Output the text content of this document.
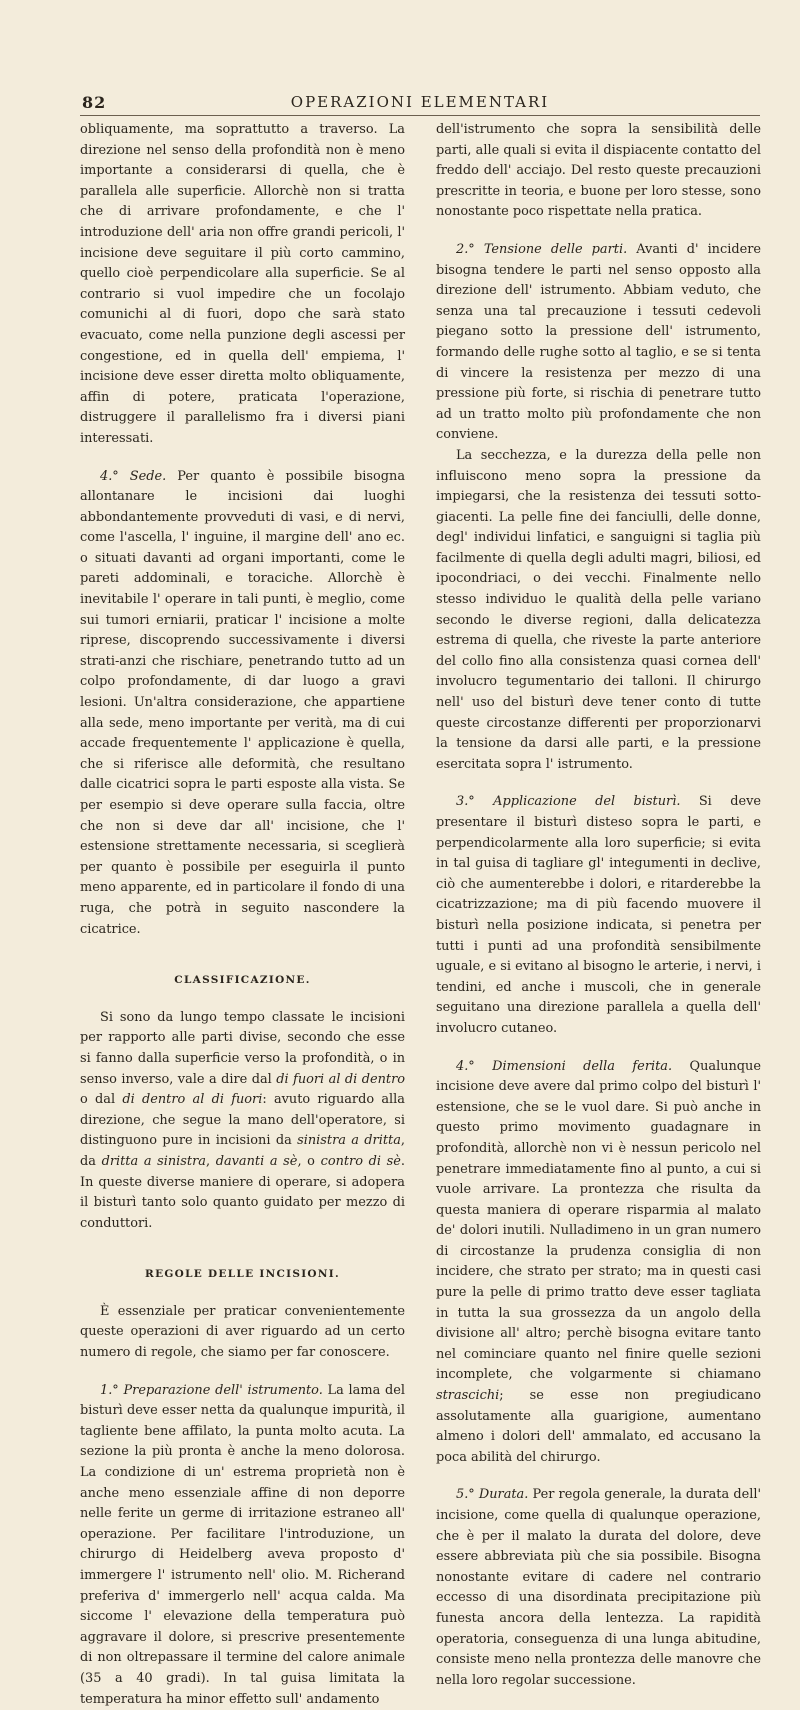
82	OPERAZIONI ELEMENTARI

obliquamente, ma soprattutto a traverso. La direzione nel senso della profondità non è meno importante a considerarsi di quella, che è parallela alle superficie. Allorchè non si tratta che di arrivare profondamente, e che l' introduzione dell' aria non offre grandi pericoli, l' incisione deve seguitare il più corto cammino, quello cioè perpendicolare alla superficie. Se al contrario si vuol impedire che un focolajo comunichi al di fuori, dopo che sarà stato evacuato, come nella punzione degli ascessi per congestione, ed in quella dell' empiema, l' incisione deve esser diretta molto obliquamente, affin di potere, praticata l'operazione, distruggere il parallelismo fra i diversi piani interessati.

4.° Sede. Per quanto è possibile bisogna allontanare le incisioni dai luoghi abbondantemente provveduti di vasi, e di nervi, come l'ascella, l' inguine, il margine dell' ano ec. o situati davanti ad organi importanti, come le pareti addominali, e toraciche. Allorchè è inevitabile l' operare in tali punti, è meglio, come sui tumori erniarii, praticar l' incisione a molte riprese, discoprendo successivamente i diversi strati-anzi che rischiare, penetrando tutto ad un colpo profondamente, di dar luogo a gravi lesioni. Un'altra considerazione, che appartiene alla sede, meno importante per verità, ma di cui accade frequentemente l' applicazione è quella, che si riferisce alle deformità, che resultano dalle cicatrici sopra le parti esposte alla vista. Se per esempio si deve operare sulla faccia, oltre che non si deve dar all' incisione, che l' estensione strettamente necessaria, si sceglierà per quanto è possibile per eseguirla il punto meno apparente, ed in particolare il fondo di una ruga, che potrà in seguito nascondere la cicatrice.

CLASSIFICAZIONE.

Si sono da lungo tempo classate le incisioni per rapporto alle parti divise, secondo che esse si fanno dalla superficie verso la profondità, o in senso inverso, vale a dire dal di fuori al di dentro o dal di dentro al di fuori: avuto riguardo alla direzione, che segue la mano dell'operatore, si distinguono pure in incisioni da sinistra a dritta, da dritta a sinistra, davanti a sè, o contro di sè. In queste diverse maniere di operare, si adopera il bisturì tanto solo quanto guidato per mezzo di conduttori.

REGOLE DELLE INCISIONI.

È essenziale per praticar convenientemente queste operazioni di aver riguardo ad un certo numero di regole, che siamo per far conoscere.

1.° Preparazione dell' istrumento. La lama del bisturì deve esser netta da qualunque impurità, il tagliente bene affilato, la punta molto acuta. La sezione la più pronta è anche la meno dolorosa. La condizione di un' estrema proprietà non è anche meno essenziale affine di non deporre nelle ferite un germe di irritazione estraneo all' operazione. Per facilitare l'introduzione, un chirurgo di Heidelberg aveva proposto d' immergere l' istrumento nell' olio. M. Richerand preferiva d' immergerlo nell' acqua calda. Ma siccome l' elevazione della temperatura può aggravare il dolore, si prescrive presentemente di non oltrepassare il termine del calore animale (35 a 40 gradi). In tal guisa limitata la temperatura ha minor effetto sull' andamento

dell'istrumento che sopra la sensibilità delle parti, alle quali si evita il dispiacente contatto del freddo dell' acciajo. Del resto queste precauzioni prescritte in teoria, e buone per loro stesse, sono nonostante poco rispettate nella pratica.

2.° Tensione delle parti. Avanti d' incidere bisogna tendere le parti nel senso opposto alla direzione dell' istrumento. Abbiam veduto, che senza una tal precauzione i tessuti cedevoli piegano sotto la pressione dell' istrumento, formando delle rughe sotto al taglio, e se si tenta di vincere la resistenza per mezzo di una pressione più forte, si rischia di penetrare tutto ad un tratto molto più profondamente che non conviene.

La secchezza, e la durezza della pelle non influiscono meno sopra la pressione da impiegarsi, che la resistenza dei tessuti sotto-giacenti. La pelle fine dei fanciulli, delle donne, degl' individui linfatici, e sanguigni si taglia più facilmente di quella degli adulti magri, biliosi, ed ipocondriaci, o dei vecchi. Finalmente nello stesso individuo le qualità della pelle variano secondo le diverse regioni, dalla delicatezza estrema di quella, che riveste la parte anteriore del collo fino alla consistenza quasi cornea dell' involucro tegumentario dei talloni. Il chirurgo nell' uso del bisturì deve tener conto di tutte queste circostanze differenti per proporzionarvi la tensione da darsi alle parti, e la pressione esercitata sopra l' istrumento.

3.° Applicazione del bisturì. Si deve presentare il bisturì disteso sopra le parti, e perpendicolarmente alla loro superficie; si evita in tal guisa di tagliare gl' integumenti in declive, ciò che aumenterebbe i dolori, e ritarderebbe la cicatrizzazione; ma di più facendo muovere il bisturì nella posizione indicata, si penetra per tutti i punti ad una profondità sensibilmente uguale, e si evitano al bisogno le arterie, i nervi, i tendini, ed anche i muscoli, che in generale seguitano una direzione parallela a quella dell' involucro cutaneo.

4.° Dimensioni della ferita. Qualunque incisione deve avere dal primo colpo del bisturì l' estensione, che se le vuol dare. Si può anche in questo primo movimento guadagnare in profondità, allorchè non vi è nessun pericolo nel penetrare immediatamente fino al punto, a cui si vuole arrivare. La prontezza che risulta da questa maniera di operare risparmia al malato de' dolori inutili. Nulladimeno in un gran numero di circostanze la prudenza consiglia di non incidere, che strato per strato; ma in questi casi pure la pelle di primo tratto deve esser tagliata in tutta la sua grossezza da un angolo della divisione all' altro; perchè bisogna evitare tanto nel cominciare quanto nel finire quelle sezioni incomplete, che volgarmente si chiamano strascichi; se esse non pregiudicano assolutamente alla guarigione, aumentano almeno i dolori dell' ammalato, ed accusano la poca abilità del chirurgo.

5.° Durata. Per regola generale, la durata dell' incisione, come quella di qualunque operazione, che è per il malato la durata del dolore, deve essere abbreviata più che sia possibile. Bisogna nonostante evitare di cadere nel contrario eccesso di una disordinata precipitazione più funesta ancora della lentezza. La rapidità operatoria, conseguenza di una lunga abitudine, consiste meno nella prontezza delle manovre che nella loro regolar successione.
